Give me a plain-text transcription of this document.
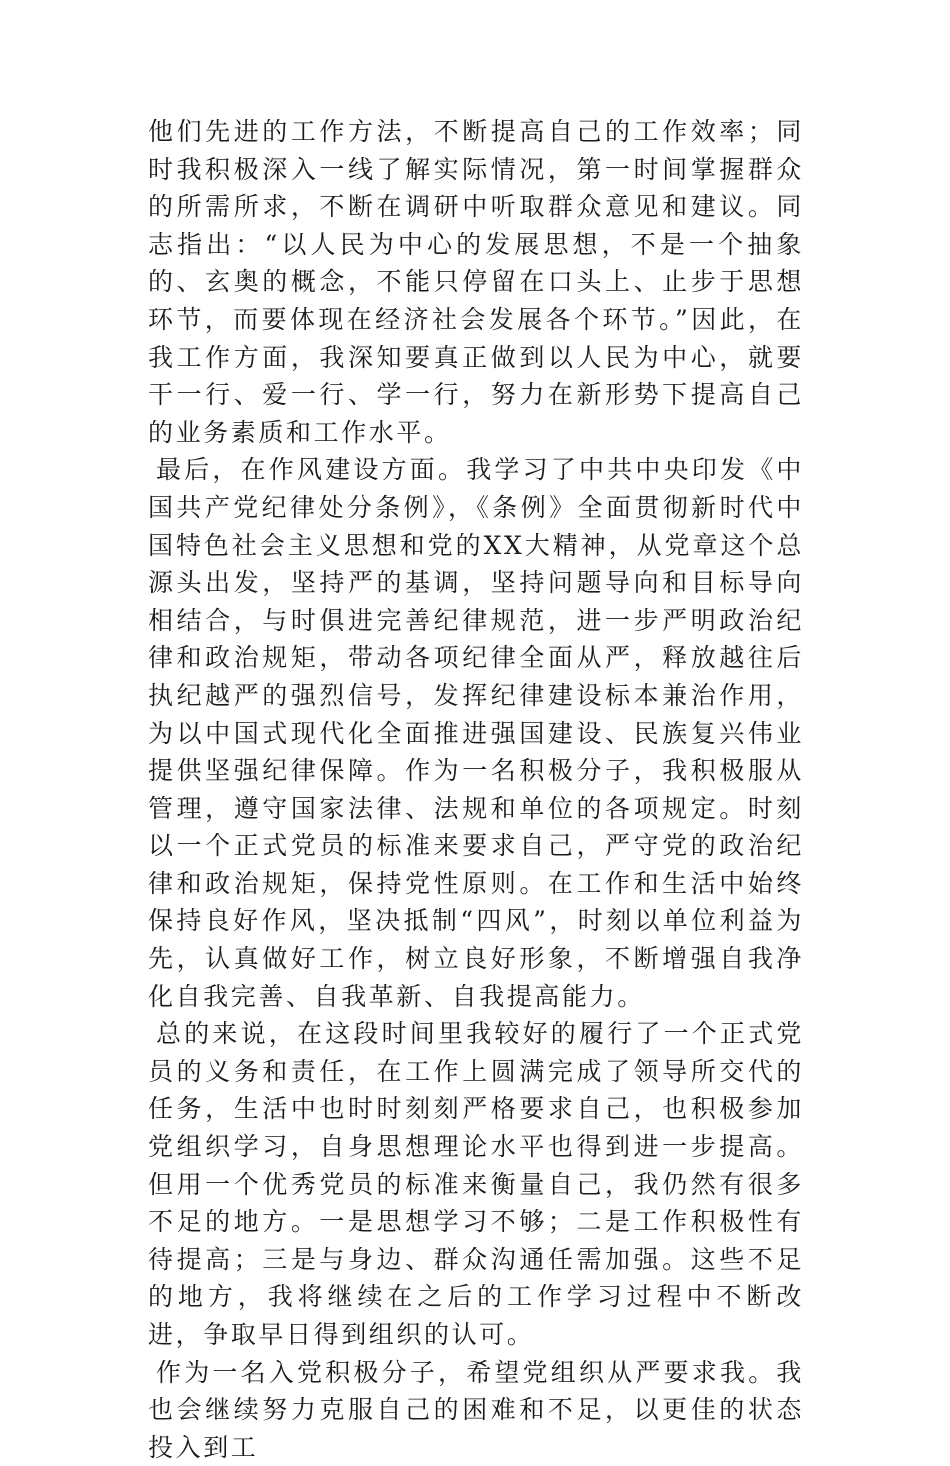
他们先进的工作方法，不断提高自己的工作效率；同时我积极深入一线了解实际情况，第一时间掌握群众的所需所求，不断在调研中听取群众意见和建议。同志指出：“以人民为中心的发展思想，不是一个抽象的、玄奥的概念，不能只停留在口头上、止步于思想环节，而要体现在经济社会发展各个环节。”因此，在我工作方面，我深知要真正做到以人民为中心，就要干一行、爱一行、学一行，努力在新形势下提高自己的业务素质和工作水平。

最后，在作风建设方面。我学习了中共中央印发《中国共产党纪律处分条例》，《条例》全面贯彻新时代中国特色社会主义思想和党的XX大精神，从党章这个总源头出发，坚持严的基调，坚持问题导向和目标导向相结合，与时俱进完善纪律规范，进一步严明政治纪律和政治规矩，带动各项纪律全面从严，释放越往后执纪越严的强烈信号，发挥纪律建设标本兼治作用，为以中国式现代化全面推进强国建设、民族复兴伟业提供坚强纪律保障。作为一名积极分子，我积极服从管理，遵守国家法律、法规和单位的各项规定。时刻以一个正式党员的标准来要求自己，严守党的政治纪律和政治规矩，保持党性原则。在工作和生活中始终保持良好作风，坚决抵制“四风”，时刻以单位利益为先，认真做好工作，树立良好形象，不断增强自我净化自我完善、自我革新、自我提高能力。

总的来说，在这段时间里我较好的履行了一个正式党员的义务和责任，在工作上圆满完成了领导所交代的任务，生活中也时时刻刻严格要求自己，也积极参加党组织学习，自身思想理论水平也得到进一步提高。但用一个优秀党员的标准来衡量自己，我仍然有很多不足的地方。一是思想学习不够；二是工作积极性有待提高；三是与身边、群众沟通任需加强。这些不足的地方，我将继续在之后的工作学习过程中不断改进，争取早日得到组织的认可。

作为一名入党积极分子，希望党组织从严要求我。我也会继续努力克服自己的困难和不足，以更佳的状态投入到工
